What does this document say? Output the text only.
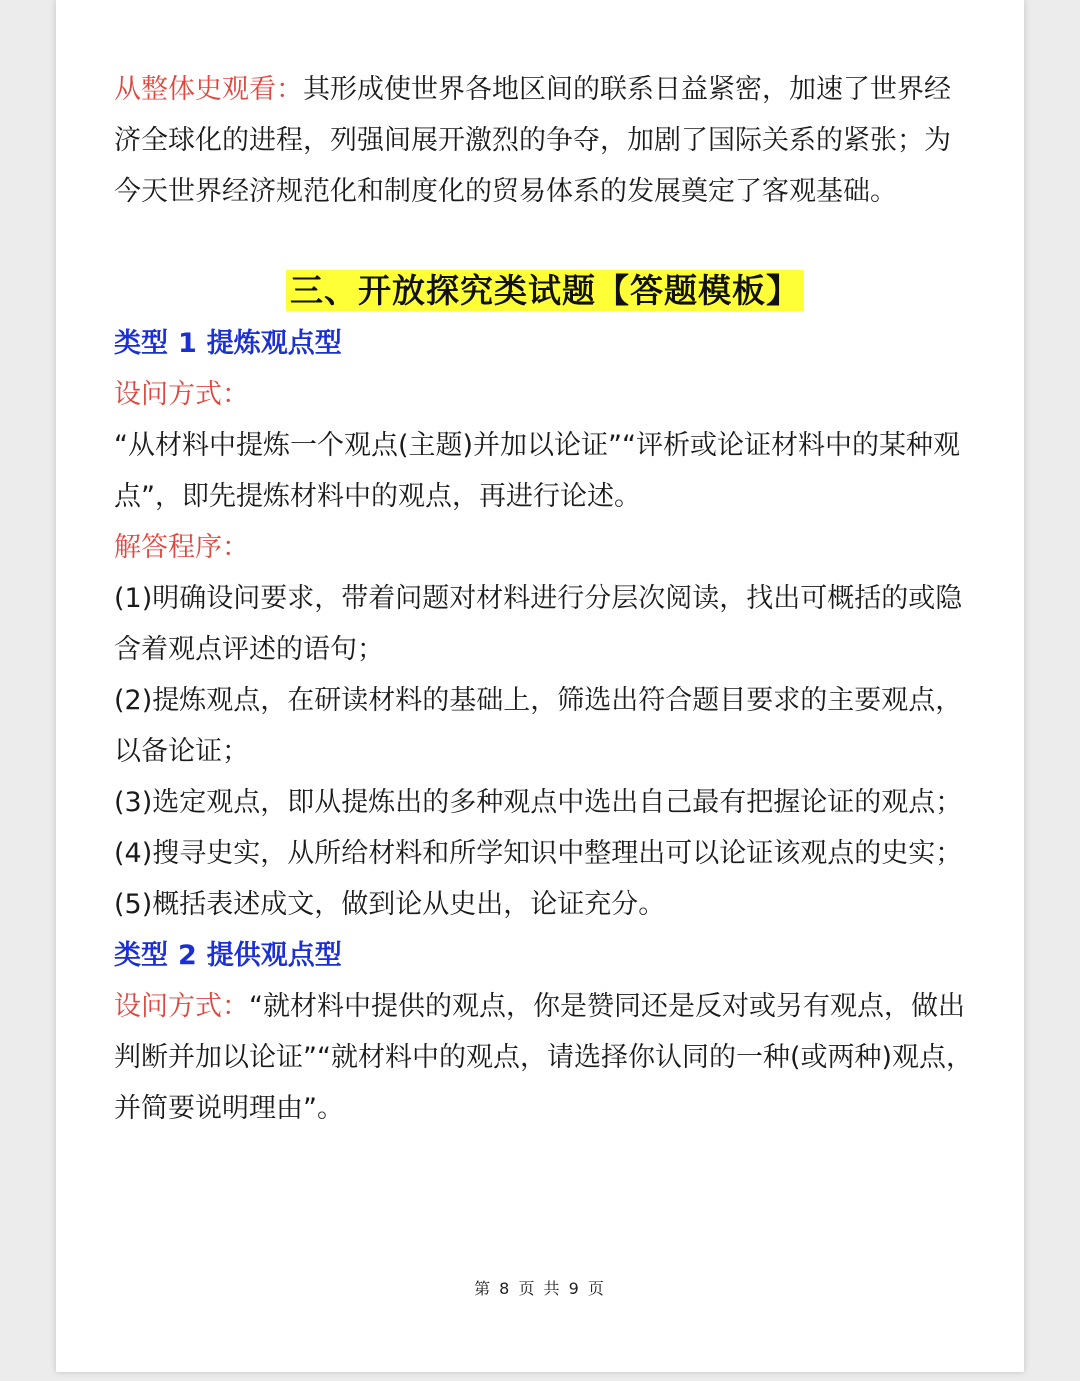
从整体史观看：其形成使世界各地区间的联系日益紧密，加速了世界经济全球化的进程，列强间展开激烈的争夺，加剧了国际关系的紧张；为今天世界经济规范化和制度化的贸易体系的发展奠定了客观基础。

三、开放探究类试题【答题模板】

类型 1 提炼观点型

设问方式：

“从材料中提炼一个观点(主题)并加以论证”“评析或论证材料中的某种观点”，即先提炼材料中的观点，再进行论述。

解答程序：

(1)明确设问要求，带着问题对材料进行分层次阅读，找出可概括的或隐含着观点评述的语句；

(2)提炼观点，在研读材料的基础上，筛选出符合题目要求的主要观点，以备论证；

(3)选定观点，即从提炼出的多种观点中选出自己最有把握论证的观点；

(4)搜寻史实，从所给材料和所学知识中整理出可以论证该观点的史实；

(5)概括表述成文，做到论从史出，论证充分。

类型 2 提供观点型

设问方式：“就材料中提供的观点，你是赞同还是反对或另有观点，做出判断并加以论证”“就材料中的观点，请选择你认同的一种(或两种)观点，并简要说明理由”。

第 8 页 共 9 页
